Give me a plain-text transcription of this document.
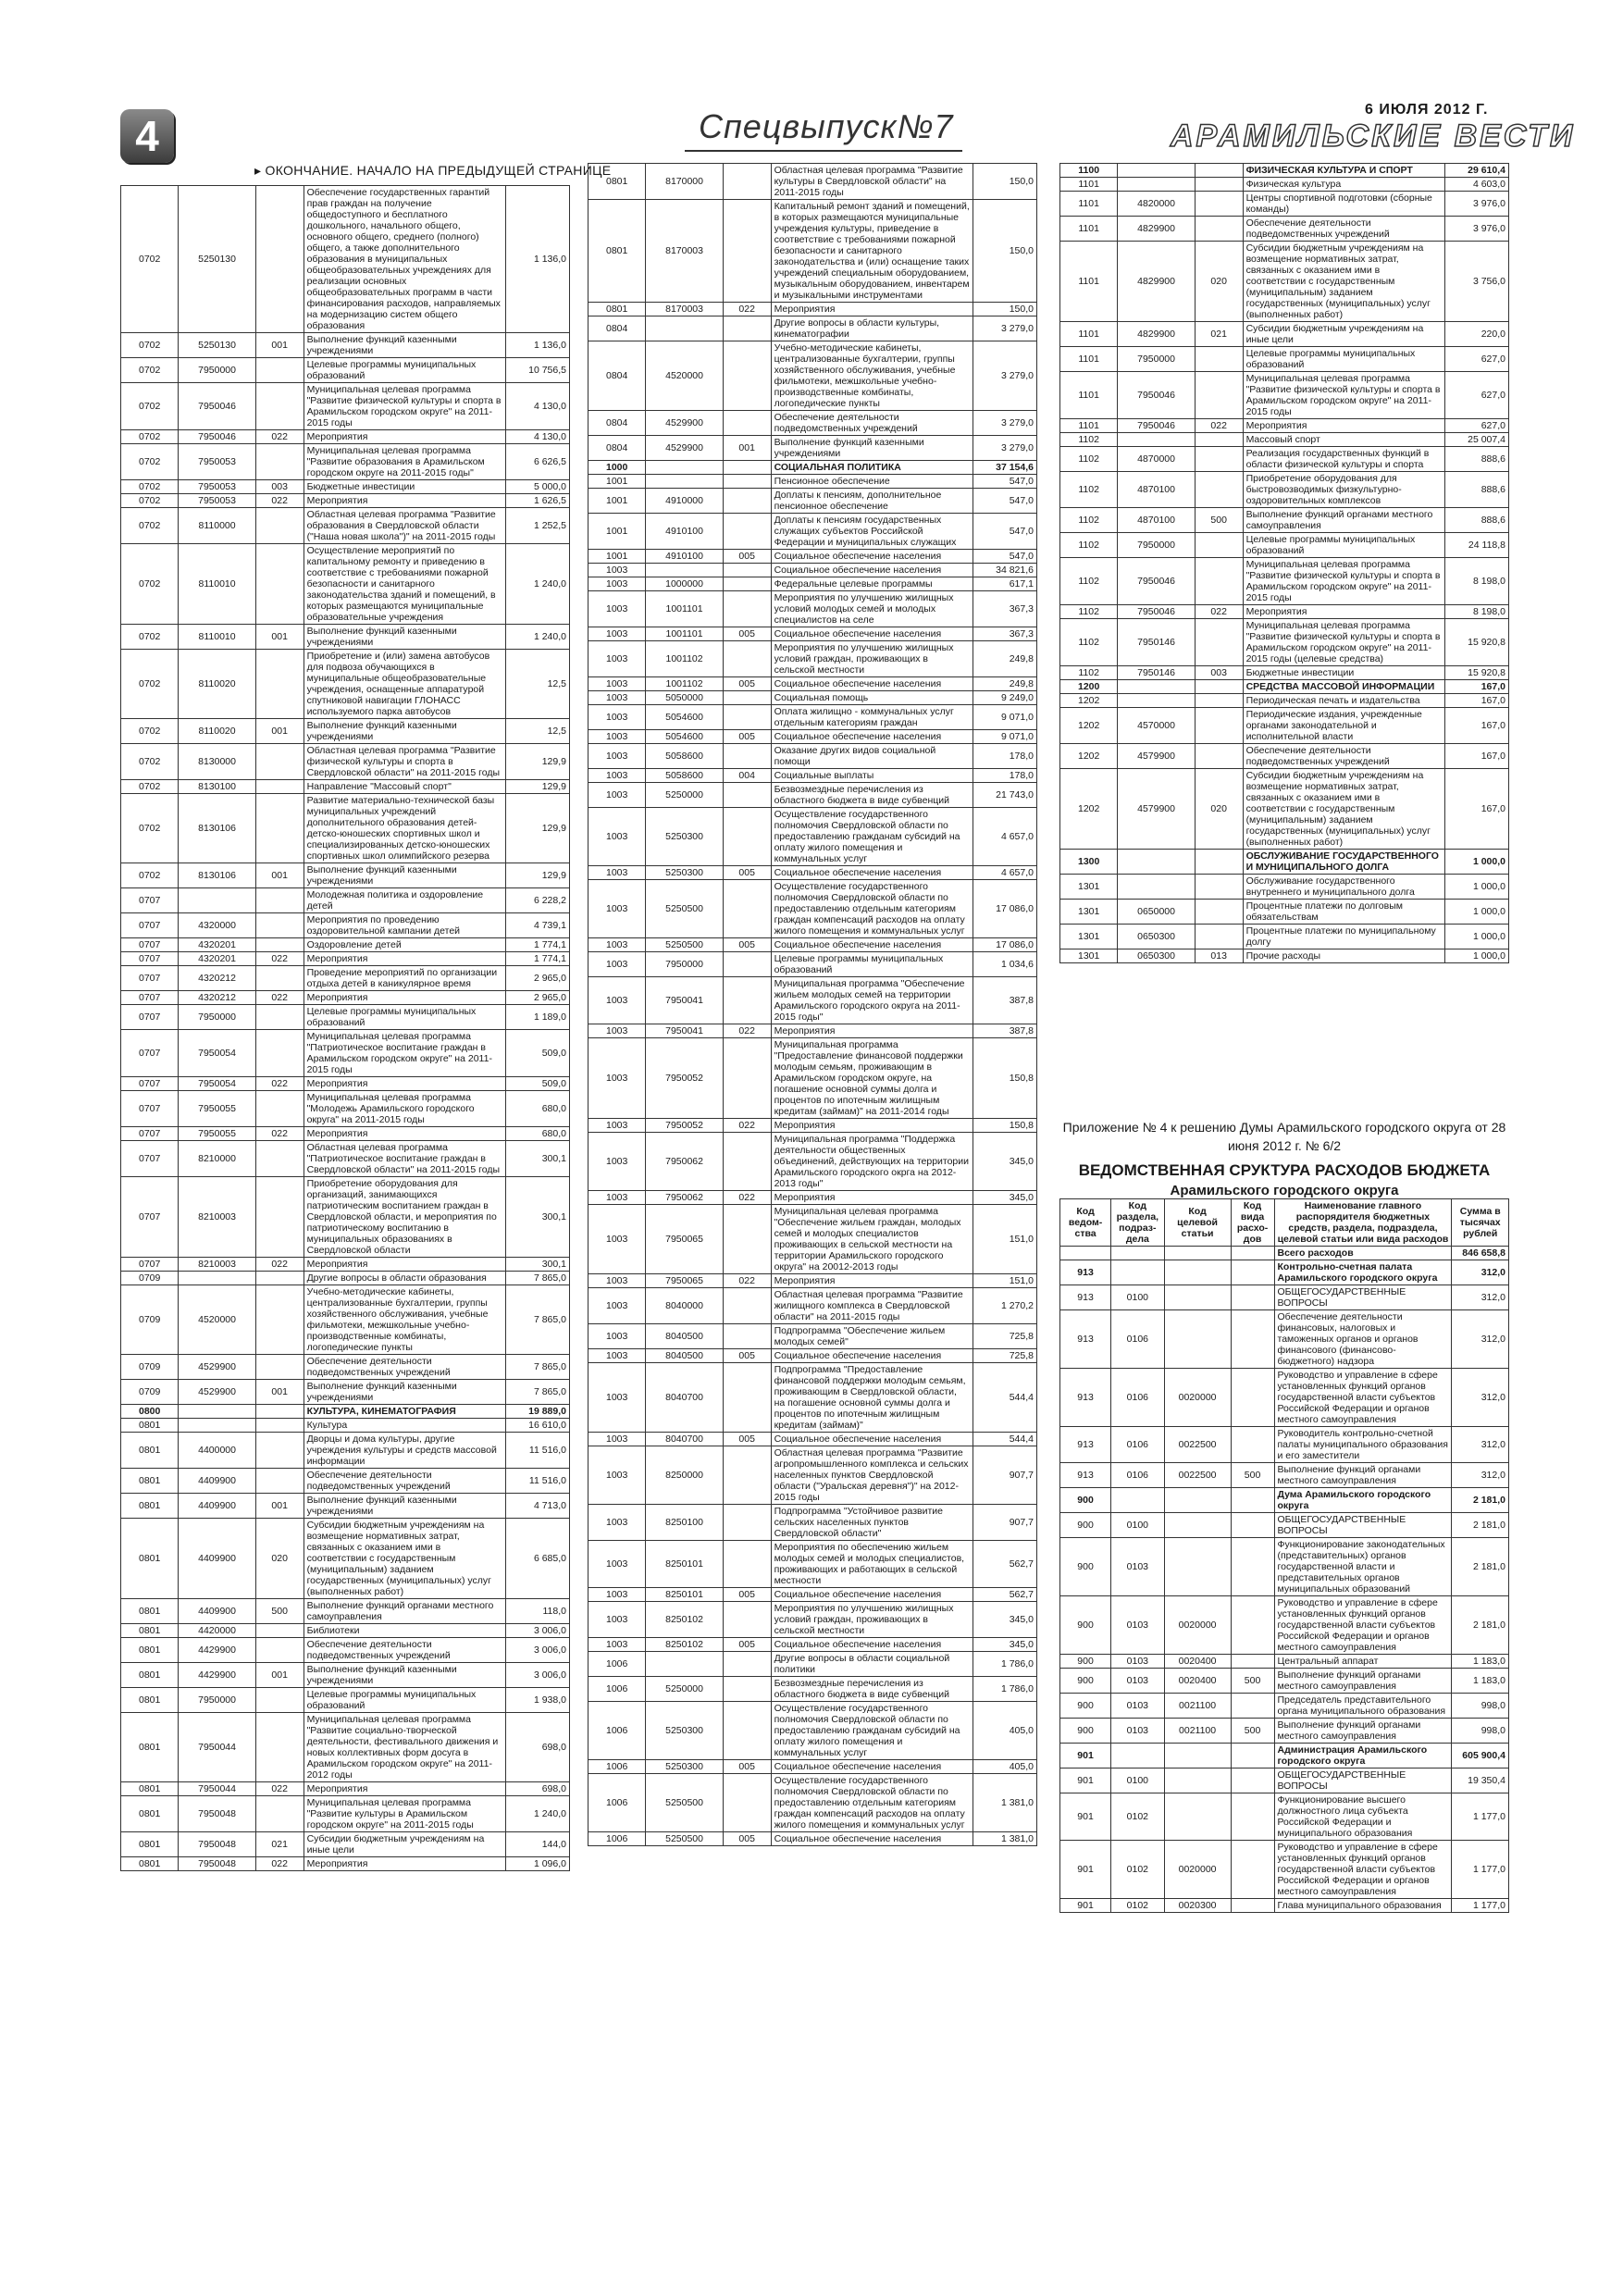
4	Спецвыпуск№7	6 ИЮЛЯ 2012 Г.
АРАМИЛЬСКИЕ ВЕСТИ
▸ ОКОНЧАНИЕ. НАЧАЛО НА ПРЕДЫДУЩЕЙ СТРАНИЦЕ
0702	5250130		Обеспечение государственных гарантий прав граждан на получение общедоступного и бесплатного дошкольного, начального общего, основного общего, среднего (полного) общего, а также дополнительного образования в муниципальных общеобразовательных учреждениях для реализации основных общеобразовательных программ в части финансирования расходов, направляемых на модернизацию систем общего образования	1 136,0
0702	5250130	001	Выполнение функций казенными учреждениями	1 136,0
0702	7950000		Целевые программы муниципальных образований	10 756,5
0702	7950046		Муниципальная целевая программа "Развитие физической культуры и спорта в Арамильском городском округе" на 2011-2015 годы	4 130,0
0702	7950046	022	Мероприятия	4 130,0
0702	7950053		Муниципальная целевая программа "Развитие образования в Арамильском городском округе на 2011-2015 годы"	6 626,5
0702	7950053	003	Бюджетные инвестиции	5 000,0
0702	7950053	022	Мероприятия	1 626,5
0702	8110000		Областная целевая программа "Развитие образования в Свердловской области ("Наша новая школа")" на 2011-2015 годы	1 252,5
0702	8110010		Осуществление мероприятий по капитальному ремонту и приведению в соответствие с требованиями пожарной безопасности и санитарного законодательства зданий и помещений, в которых размещаются муниципальные образовательные учреждения	1 240,0
0702	8110010	001	Выполнение функций казенными учреждениями	1 240,0
0702	8110020		Приобретение и (или) замена автобусов для подвоза обучающихся в муниципальные общеобразовательные учреждения, оснащенные аппаратурой спутниковой навигации ГЛОНАСС используемого парка автобусов	12,5
0702	8110020	001	Выполнение функций казенными учреждениями	12,5
0702	8130000		Областная целевая программа "Развитие физической культуры и спорта в Свердловской области" на 2011-2015 годы	129,9
0702	8130100		Направление "Массовый спорт"	129,9
0702	8130106		Развитие материально-технической базы муниципальных учреждений дополнительного образования детей- детско-юношеских спортивных школ и специализированных детско-юношеских спортивных школ олимпийского резерва	129,9
0702	8130106	001	Выполнение функций казенными учреждениями	129,9
0707			Молодежная политика и оздоровление детей	6 228,2
0707	4320000		Мероприятия по проведению оздоровительной кампании детей	4 739,1
0707	4320201		Оздоровление детей	1 774,1
0707	4320201	022	Мероприятия	1 774,1
0707	4320212		Проведение мероприятий по организации отдыха детей в каникулярное время	2 965,0
0707	4320212	022	Мероприятия	2 965,0
0707	7950000		Целевые программы муниципальных образований	1 189,0
0707	7950054		Муниципальная целевая программа "Патриотическое воспитание граждан в Арамильском городском округе" на 2011-2015 годы	509,0
0707	7950054	022	Мероприятия	509,0
0707	7950055		Муниципальная целевая программа "Молодежь Арамильского городского округа" на 2011-2015 годы	680,0
0707	7950055	022	Мероприятия	680,0
0707	8210000		Областная целевая программа "Патриотическое воспитание граждан в Свердловской области" на 2011-2015 годы	300,1
0707	8210003		Приобретение оборудования для организаций, занимающихся патриотическим воспитанием граждан в Свердловской области, и мероприятия по патриотическому воспитанию в муниципальных образованиях в Свердловской области	300,1
0707	8210003	022	Мероприятия	300,1
0709			Другие вопросы в области образования	7 865,0
0709	4520000		Учебно-методические кабинеты, централизованные бухгалтерии, группы хозяйственного обслуживания, учебные фильмотеки, межшкольные учебно-производственные комбинаты, логопедические пункты	7 865,0
0709	4529900		Обеспечение деятельности подведомственных учреждений	7 865,0
0709	4529900	001	Выполнение функций казенными учреждениями	7 865,0
0800			КУЛЬТУРА, КИНЕМАТОГРАФИЯ	19 889,0
0801			Культура	16 610,0
0801	4400000		Дворцы и дома культуры, другие учреждения культуры и средств массовой информации	11 516,0
0801	4409900		Обеспечение деятельности подведомственных учреждений	11 516,0
0801	4409900	001	Выполнение функций казенными учреждениями	4 713,0
0801	4409900	020	Субсидии бюджетным учреждениям на возмещение нормативных затрат, связанных с оказанием ими в соответствии с государственным (муниципальным) заданием государственных (муниципальных) услуг (выполненных работ)	6 685,0
0801	4409900	500	Выполнение функций органами местного самоуправления	118,0
0801	4420000		Библиотеки	3 006,0
0801	4429900		Обеспечение деятельности подведомственных учреждений	3 006,0
0801	4429900	001	Выполнение функций казенными учреждениями	3 006,0
0801	7950000		Целевые программы муниципальных образований	1 938,0
0801	7950044		Муниципальная целевая программа "Развитие социально-творческой деятельности, фестивального движения и новых коллективных форм досуга в Арамильском городском округе" на 2011-2012 годы	698,0
0801	7950044	022	Мероприятия	698,0
0801	7950048		Муниципальная целевая программа "Развитие культуры в Арамильском городском округе" на 2011-2015 годы	1 240,0
0801	7950048	021	Субсидии бюджетным учреждениям на иные цели	144,0
0801	7950048	022	Мероприятия	1 096,0
0801	8170000		Областная целевая программа "Развитие культуры в Свердловской области" на 2011-2015 годы	150,0
0801	8170003		Капитальный ремонт зданий и помещений, в которых размещаются муниципальные учреждения культуры, приведение в соответствие с требованиями пожарной безопасности и санитарного законодательства и (или) оснащение таких учреждений специальным оборудованием, музыкальным оборудованием, инвентарем и музыкальными инструментами	150,0
0801	8170003	022	Мероприятия	150,0
0804			Другие вопросы в области культуры, кинематографии	3 279,0
0804	4520000		Учебно-методические кабинеты, централизованные бухгалтерии, группы хозяйственного обслуживания, учебные фильмотеки, межшкольные учебно-производственные комбинаты, логопедические пункты	3 279,0
0804	4529900		Обеспечение деятельности подведомственных учреждений	3 279,0
0804	4529900	001	Выполнение функций казенными учреждениями	3 279,0
1000			СОЦИАЛЬНАЯ ПОЛИТИКА	37 154,6
1001			Пенсионное обеспечение	547,0
1001	4910000		Доплаты к пенсиям, дополнительное пенсионное обеспечение	547,0
1001	4910100		Доплаты к пенсиям государственных служащих субъектов Российской Федерации и муниципальных служащих	547,0
1001	4910100	005	Социальное обеспечение населения	547,0
1003			Социальное обеспечение населения	34 821,6
1003	1000000		Федеральные целевые программы	617,1
1003	1001101		Мероприятия по улучшению жилищных условий молодых семей и молодых специалистов на селе	367,3
1003	1001101	005	Социальное обеспечение населения	367,3
1003	1001102		Мероприятия по улучшению жилищных условий граждан, проживающих в сельской местности	249,8
1003	1001102	005	Социальное обеспечение населения	249,8
1003	5050000		Социальная помощь	9 249,0
1003	5054600		Оплата жилищно - коммунальных услуг отдельным категориям граждан	9 071,0
1003	5054600	005	Социальное обеспечение населения	9 071,0
1003	5058600		Оказание других видов социальной помощи	178,0
1003	5058600	004	Социальные выплаты	178,0
1003	5250000		Безвозмездные перечисления из областного бюджета в виде субвенций	21 743,0
1003	5250300		Осуществление государственного полномочия Свердловской области по предоставлению гражданам субсидий на оплату жилого помещения и коммунальных услуг	4 657,0
1003	5250300	005	Социальное обеспечение населения	4 657,0
1003	5250500		Осуществление государственного полномочия Свердловской области по предоставлению отдельным категориям граждан компенсаций расходов на оплату жилого помещения и коммунальных услуг	17 086,0
1003	5250500	005	Социальное обеспечение населения	17 086,0
1003	7950000		Целевые программы муниципальных образований	1 034,6
1003	7950041		Муниципальная программа "Обеспечение жильем молодых семей на территории Арамильского городского округа на 2011-2015 годы"	387,8
1003	7950041	022	Мероприятия	387,8
1003	7950052		Муниципальная программа "Предоставление финансовой поддержки молодым семьям, проживающим в Арамильском городском округе, на погашение основной суммы долга и процентов по ипотечным жилищным кредитам (займам)" на 2011-2014 годы	150,8
1003	7950052	022	Мероприятия	150,8
1003	7950062		Муниципальная программа "Поддержка деятельности общественных объединений, действующих на территории Арамильского городского окрга на 2012-2013 годы"	345,0
1003	7950062	022	Мероприятия	345,0
1003	7950065		Муниципальная целевая программа "Обеспечение жильем граждан, молодых семей и молодых специалистов проживающих в сельской местности на территории Арамильского городского округа" на 20012-2013 годы	151,0
1003	7950065	022	Мероприятия	151,0
1003	8040000		Областная целевая программа "Развитие жилищного комплекса в Свердловской области" на 2011-2015 годы	1 270,2
1003	8040500		Подпрограмма "Обеспечение жильем молодых семей"	725,8
1003	8040500	005	Социальное обеспечение населения	725,8
1003	8040700		Подпрограмма "Предоставление финансовой поддержки молодым семьям, проживающим в Свердловской области, на погашение основной суммы долга и процентов по ипотечным жилищным кредитам (займам)"	544,4
1003	8040700	005	Социальное обеспечение населения	544,4
1003	8250000		Областная целевая программа "Развитие агропромышленного комплекса и сельских населенных пунктов Свердловской области ("Уральская деревня")" на 2012-2015 годы	907,7
1003	8250100		Подпрограмма "Устойчивое развитие сельских населенных пунктов Свердловской области"	907,7
1003	8250101		Мероприятия по обеспечению жильем молодых семей и молодых специалистов, проживающих и работающих в сельской местности	562,7
1003	8250101	005	Социальное обеспечение населения	562,7
1003	8250102		Мероприятия по улучшению жилищных условий граждан, проживающих в сельской местности	345,0
1003	8250102	005	Социальное обеспечение населения	345,0
1006			Другие вопросы в области социальной политики	1 786,0
1006	5250000		Безвозмездные перечисления из областного бюджета в виде субвенций	1 786,0
1006	5250300		Осуществление государственного полномочия Свердловской области по предоставлению гражданам субсидий на оплату жилого помещения и коммунальных услуг	405,0
1006	5250300	005	Социальное обеспечение населения	405,0
1006	5250500		Осуществление государственного полномочия Свердловской области по предоставлению отдельным категориям граждан компенсаций расходов на оплату жилого помещения и коммунальных услуг	1 381,0
1006	5250500	005	Социальное обеспечение населения	1 381,0
1100			ФИЗИЧЕСКАЯ КУЛЬТУРА И СПОРТ	29 610,4
1101			Физическая культура	4 603,0
1101	4820000		Центры спортивной подготовки (сборные команды)	3 976,0
1101	4829900		Обеспечение деятельности подведомственных учреждений	3 976,0
1101	4829900	020	Субсидии бюджетным учреждениям на возмещение нормативных затрат, связанных с оказанием ими в соответствии с государственным (муниципальным) заданием государственных (муниципальных) услуг (выполненных работ)	3 756,0
1101	4829900	021	Субсидии бюджетным учреждениям на иные цели	220,0
1101	7950000		Целевые программы муниципальных образований	627,0
1101	7950046		Муниципальная целевая программа "Развитие физической культуры и спорта в Арамильском городском округе" на 2011-2015 годы	627,0
1101	7950046	022	Мероприятия	627,0
1102			Массовый спорт	25 007,4
1102	4870000		Реализация государственных функций в области физической культуры и спорта	888,6
1102	4870100		Приобретение оборудования для быстровозводимых физкультурно-оздоровительных комплексов	888,6
1102	4870100	500	Выполнение функций органами местного самоуправления	888,6
1102	7950000		Целевые программы муниципальных образований	24 118,8
1102	7950046		Муниципальная целевая программа "Развитие физической культуры и спорта в Арамильском городском округе" на 2011-2015 годы	8 198,0
1102	7950046	022	Мероприятия	8 198,0
1102	7950146		Муниципальная целевая программа "Развитие физической культуры и спорта в Арамильском городском округе" на 2011-2015 годы (целевые средства)	15 920,8
1102	7950146	003	Бюджетные инвестиции	15 920,8
1200			СРЕДСТВА МАССОВОЙ ИНФОРМАЦИИ	167,0
1202			Периодическая печать и издательства	167,0
1202	4570000		Периодические издания, учрежденные органами законодательной и исполнительной власти	167,0
1202	4579900		Обеспечение деятельности подведомственных учреждений	167,0
1202	4579900	020	Субсидии бюджетным учреждениям на возмещение нормативных затрат, связанных с оказанием ими в соответствии с государственным (муниципальным) заданием государственных (муниципальных) услуг (выполненных работ)	167,0
1300			ОБСЛУЖИВАНИЕ ГОСУДАРСТВЕННОГО И МУНИЦИПАЛЬНОГО ДОЛГА	1 000,0
1301			Обслуживание государственного внутреннего и муниципального долга	1 000,0
1301	0650000		Процентные платежи по долговым обязательствам	1 000,0
1301	0650300		Процентные платежи по муниципальному долгу	1 000,0
1301	0650300	013	Прочие расходы	1 000,0
Приложение № 4 к решению Думы Арамильского городского округа от 28 июня 2012 г. № 6/2
ВЕДОМСТВЕННАЯ СРУКТУРА РАСХОДОВ БЮДЖЕТА
Арамильского городского округа
Код ведом-ства	Код раздела, подраз-дела	Код целевой статьи	Код вида расхо-дов	Наименование главного распорядителя бюджетных средств, раздела, подраздела, целевой статьи или вида расходов	Сумма в тысячах рублей
				Всего расходов	846 658,8
913				Контрольно-счетная палата Арамильского городского округа	312,0
913	0100			ОБЩЕГОСУДАРСТВЕННЫЕ ВОПРОСЫ	312,0
913	0106			Обеспечение деятельности финансовых, налоговых и таможенных органов и органов финансового (финансово-бюджетного) надзора	312,0
913	0106	0020000		Руководство и управление в сфере установленных функций органов государственной власти субъектов Российской Федерации и органов местного самоуправления	312,0
913	0106	0022500		Руководитель контрольно-счетной палаты муниципального образования и его заместители	312,0
913	0106	0022500	500	Выполнение функций органами местного самоуправления	312,0
900				Дума Арамильского городского округа	2 181,0
900	0100			ОБЩЕГОСУДАРСТВЕННЫЕ ВОПРОСЫ	2 181,0
900	0103			Функционирование законодательных (представительных) органов государственной власти и представительных органов муниципальных образований	2 181,0
900	0103	0020000		Руководство и управление в сфере установленных функций органов государственной власти субъектов Российской Федерации и органов местного самоуправления	2 181,0
900	0103	0020400		Центральный аппарат	1 183,0
900	0103	0020400	500	Выполнение функций органами местного самоуправления	1 183,0
900	0103	0021100		Председатель представительного органа муниципального образования	998,0
900	0103	0021100	500	Выполнение функций органами местного самоуправления	998,0
901				Администрация Арамильского городского округа	605 900,4
901	0100			ОБЩЕГОСУДАРСТВЕННЫЕ ВОПРОСЫ	19 350,4
901	0102			Функционирование высшего должностного лица субъекта Российской Федерации и муниципального образования	1 177,0
901	0102	0020000		Руководство и управление в сфере установленных функций органов государственной власти субъектов Российской Федерации и органов местного самоуправления	1 177,0
901	0102	0020300		Глава муниципального образования	1 177,0
